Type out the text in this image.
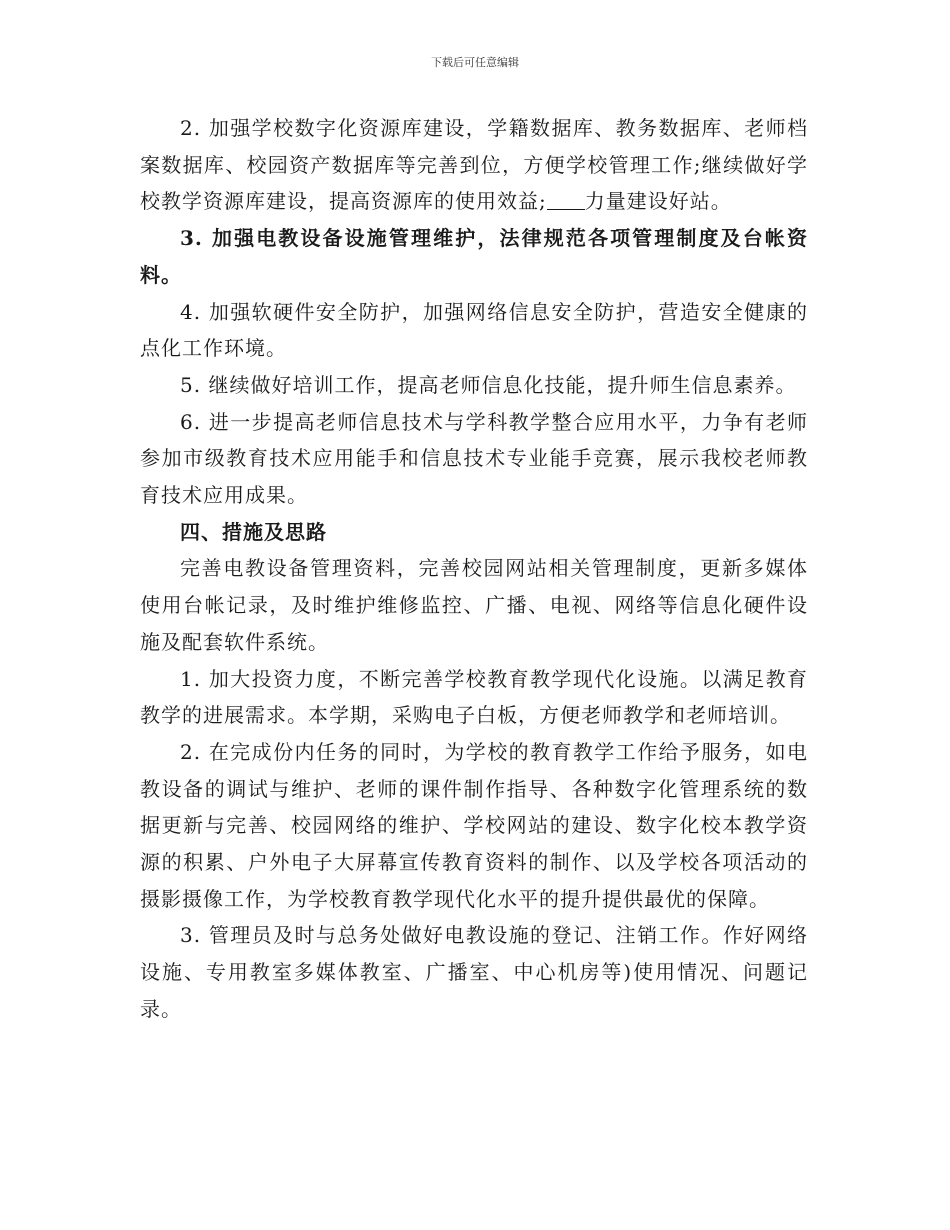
下载后可任意编辑

2. 加强学校数字化资源库建设，学籍数据库、教务数据库、老师档案数据库、校园资产数据库等完善到位，方便学校管理工作;继续做好学校教学资源库建设，提高资源库的使用效益; 力量建设好站。

3. 加强电教设备设施管理维护，法律规范各项管理制度及台帐资料。

4. 加强软硬件安全防护，加强网络信息安全防护，营造安全健康的点化工作环境。

5. 继续做好培训工作，提高老师信息化技能，提升师生信息素养。

6. 进一步提高老师信息技术与学科教学整合应用水平，力争有老师参加市级教育技术应用能手和信息技术专业能手竞赛，展示我校老师教育技术应用成果。

四、措施及思路

完善电教设备管理资料，完善校园网站相关管理制度，更新多媒体使用台帐记录，及时维护维修监控、广播、电视、网络等信息化硬件设施及配套软件系统。

1. 加大投资力度，不断完善学校教育教学现代化设施。以满足教育教学的进展需求。本学期，采购电子白板，方便老师教学和老师培训。

2. 在完成份内任务的同时，为学校的教育教学工作给予服务，如电教设备的调试与维护、老师的课件制作指导、各种数字化管理系统的数据更新与完善、校园网络的维护、学校网站的建设、数字化校本教学资源的积累、户外电子大屏幕宣传教育资料的制作、以及学校各项活动的摄影摄像工作，为学校教育教学现代化水平的提升提供最优的保障。

3. 管理员及时与总务处做好电教设施的登记、注销工作。作好网络设施、专用教室多媒体教室、广播室、中心机房等)使用情况、问题记录。
